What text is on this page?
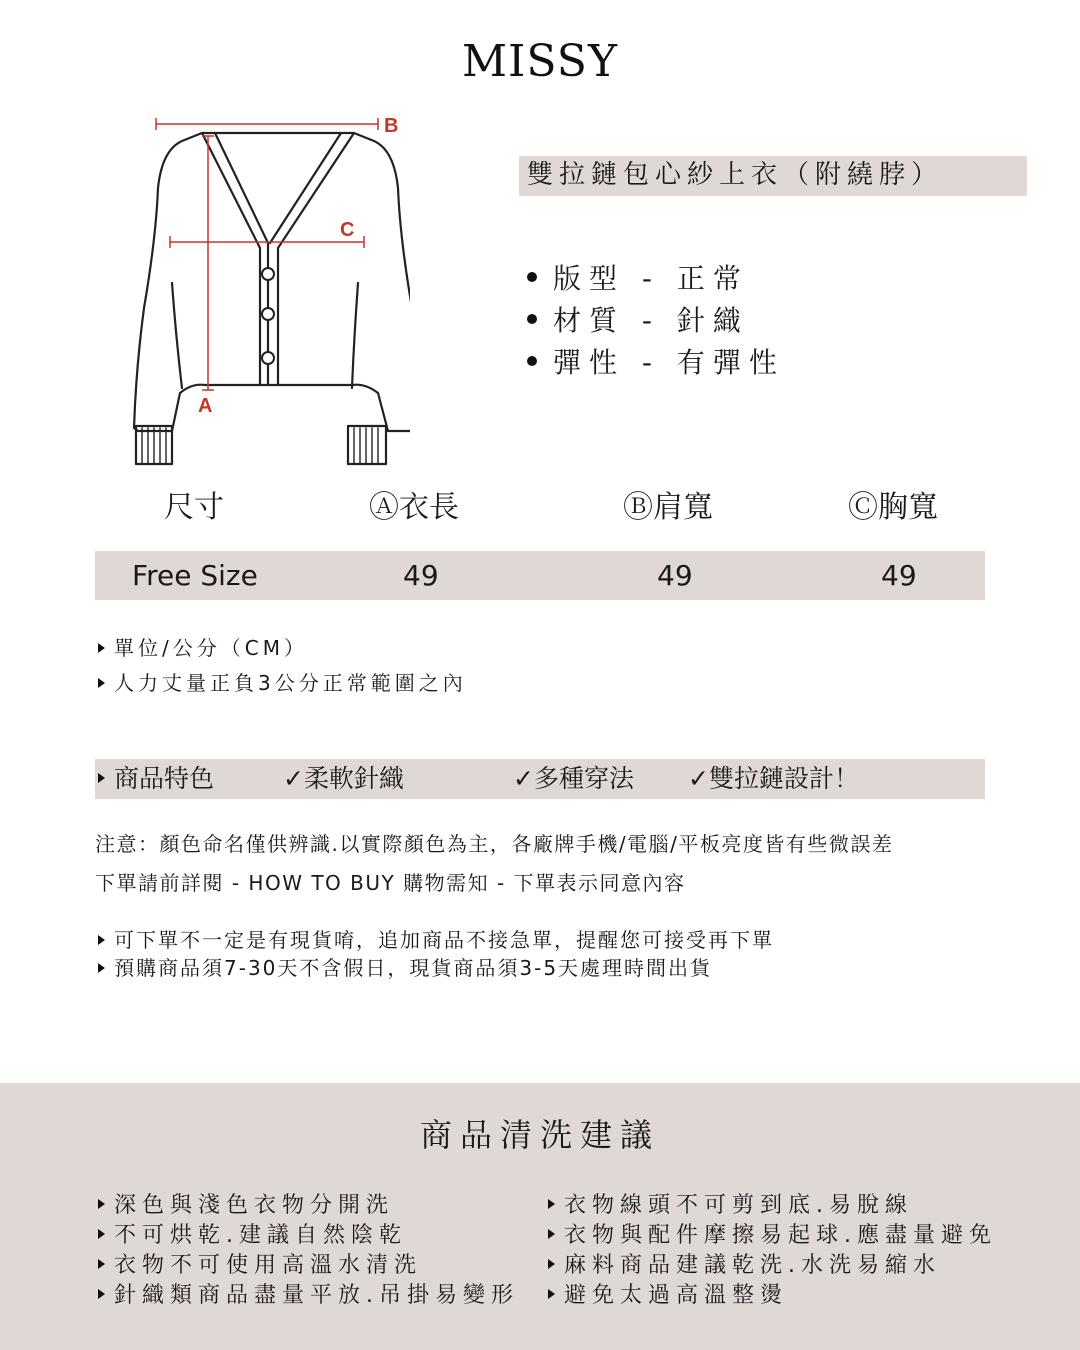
MISSY
B
C
A
雙拉鏈包心紗上衣（附繞脖）
版型 - 正常
材質 - 針織
彈性 - 有彈性
尺寸	Ⓐ衣長	Ⓑ肩寬	Ⓒ胸寬
Free Size	49	49	49
單位/公分（CM）
人力丈量正負3公分正常範圍之內
商品特色	✓柔軟針織	✓多種穿法 ✓雙拉鏈設計！
注意：顏色命名僅供辨識.以實際顏色為主，各廠牌手機/電腦/平板亮度皆有些微誤差
下單請前詳閱 - HOW TO BUY 購物需知 - 下單表示同意內容
可下單不一定是有現貨唷，追加商品不接急單，提醒您可接受再下單
預購商品須7-30天不含假日，現貨商品須3-5天處理時間出貨
商品清洗建議
深色與淺色衣物分開洗
不可烘乾.建議自然陰乾
衣物不可使用高溫水清洗
針織類商品盡量平放.吊掛易變形
衣物線頭不可剪到底.易脫線
衣物與配件摩擦易起球.應盡量避免
麻料商品建議乾洗.水洗易縮水
避免太過高溫整燙
